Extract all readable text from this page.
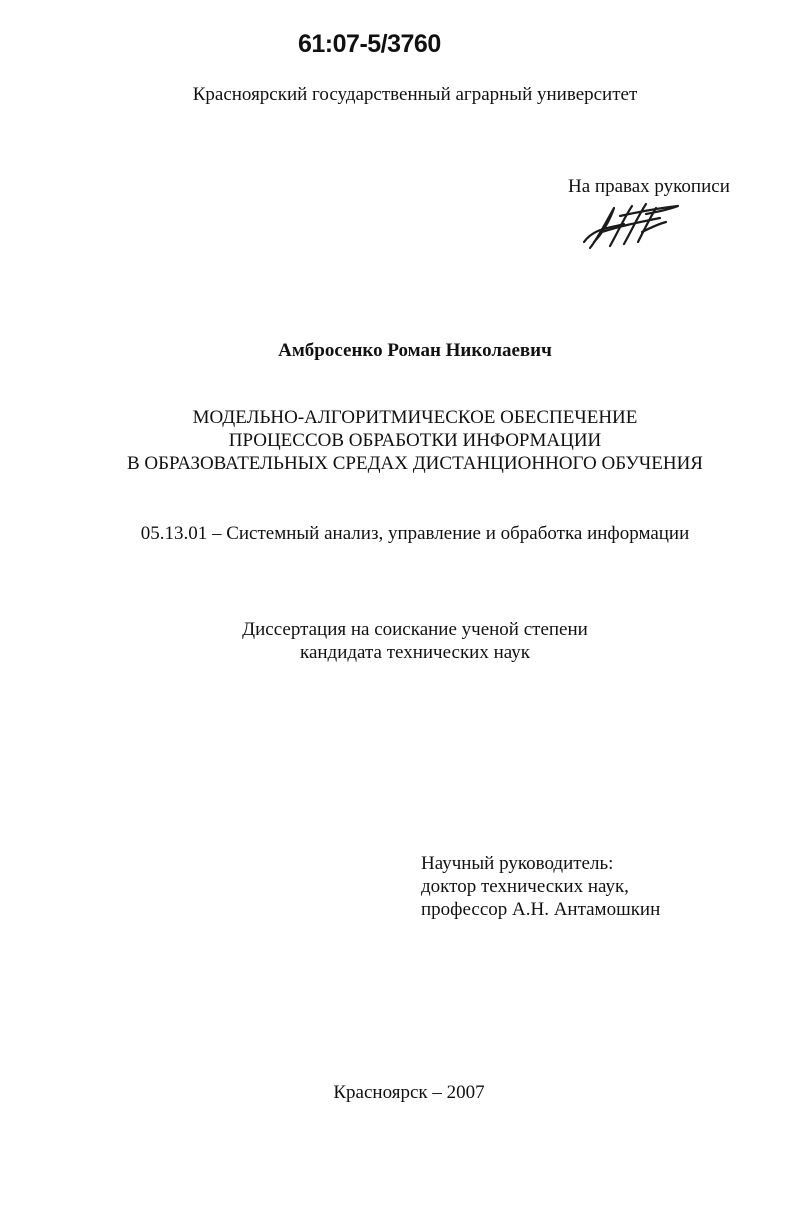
61:07-5/3760
Красноярский государственный аграрный университет
На правах рукописи
Амбросенко Роман Николаевич
МОДЕЛЬНО-АЛГОРИТМИЧЕСКОЕ ОБЕСПЕЧЕНИЕ
ПРОЦЕССОВ ОБРАБОТКИ ИНФОРМАЦИИ
В ОБРАЗОВАТЕЛЬНЫХ СРЕДАХ ДИСТАНЦИОННОГО ОБУЧЕНИЯ
05.13.01 – Системный анализ, управление и обработка информации
Диссертация на соискание ученой степени
кандидата технических наук
Научный руководитель:
доктор технических наук,
профессор А.Н. Антамошкин
Красноярск – 2007
